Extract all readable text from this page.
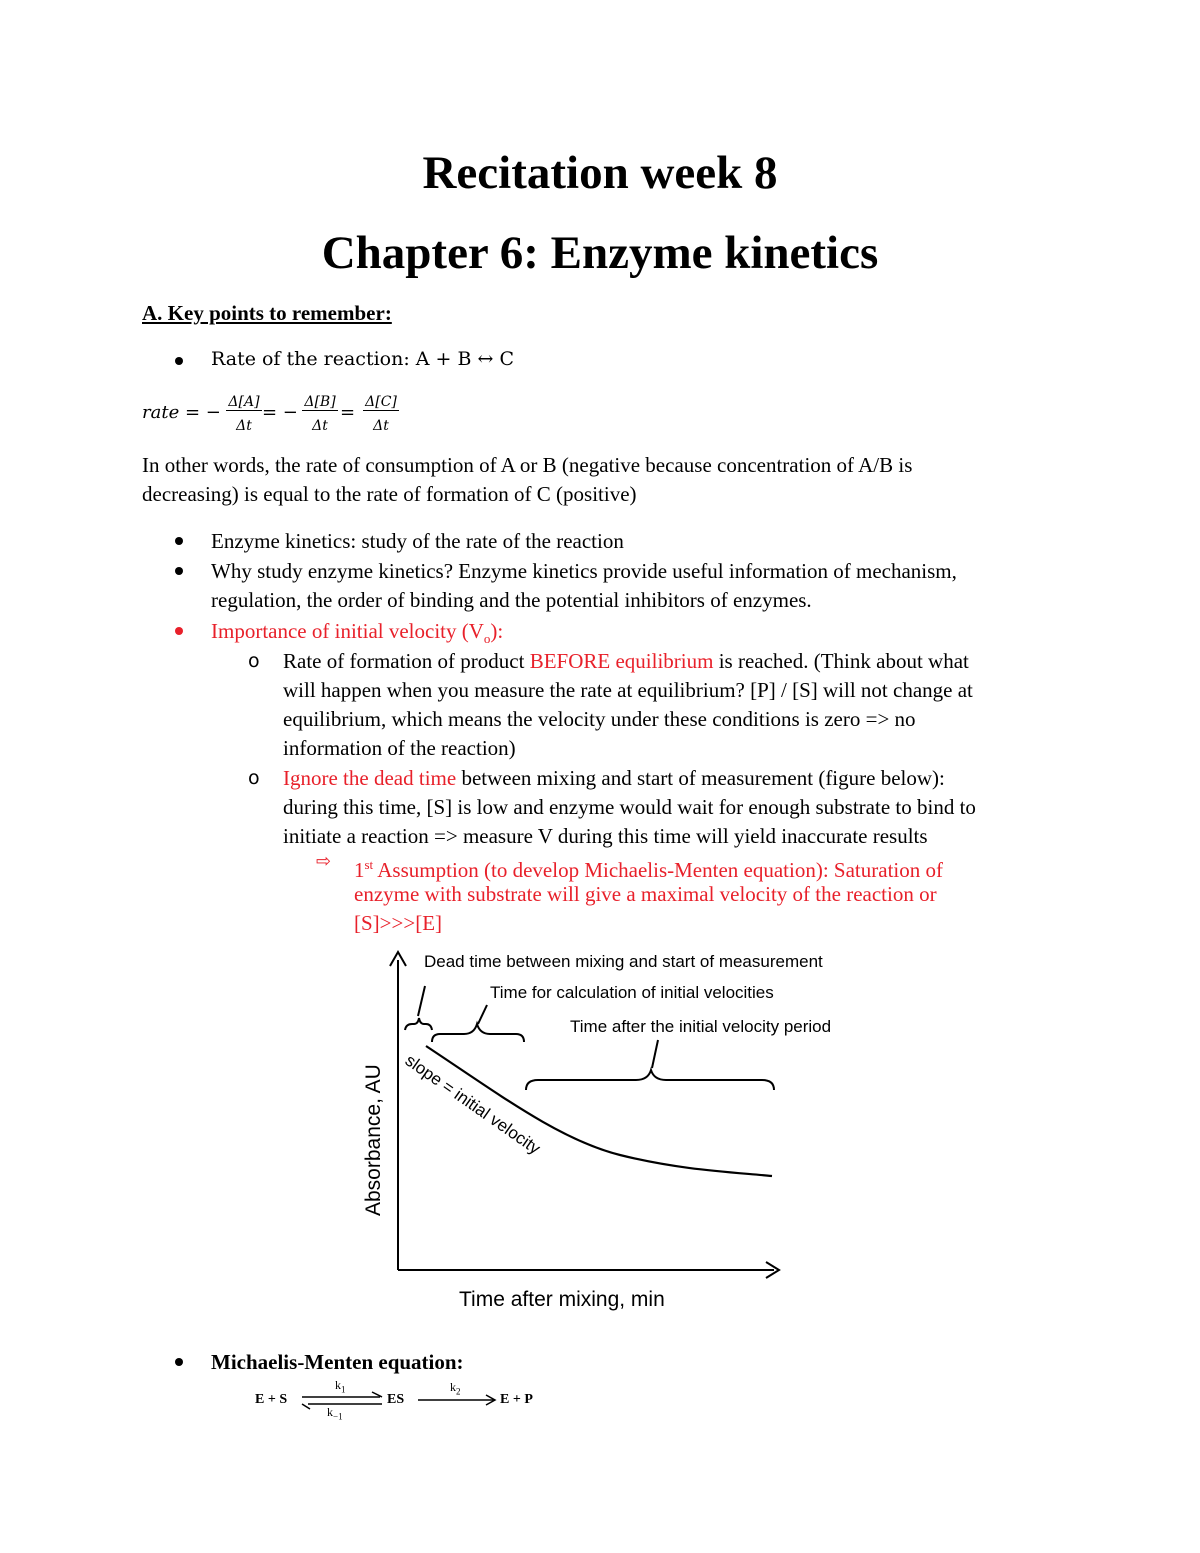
Recitation week 8
Chapter 6: Enzyme kinetics
A. Key points to remember:
Rate of the reaction: A + B ↔ C
rate = − $\frac{\Delta[A]}{\Delta t}$ = − $\frac{\Delta[B]}{\Delta t} = \frac{\Delta[C]}{\Delta t}$
In other words, the rate of consumption of A or B (negative because concentration of A/B is
decreasing) is equal to the rate of formation of C (positive)
Enzyme kinetics: study of the rate of the reaction
Why study enzyme kinetics? Enzyme kinetics provide useful information of mechanism,
regulation, the order of binding and the potential inhibitors of enzymes.
Importance of initial velocity $(V_o)$:
o Rate of formation of product BEFORE equilibrium is reached. (Think about what
will happen when you measure the rate at equilibrium? [P] / [S] will not change at
equilibrium, which means the velocity under these conditions is zero => no
information of the reaction)
o Ignore the dead time between mixing and start of measurement (figure below):
during this time, [S] is low and enzyme would wait for enough substrate to bind to
initiate a reaction => measure V during this time will yield inaccurate results
⇨ 1st Assumption (to develop Michaelis-Menten equation): Saturation of
enzyme with substrate will give a maximal velocity of the reaction or
[S]>>>[E]
Dead time between mixing and start of measurement
Time for calculation of initial velocities
Time after the initial velocity period
slope = initial velocity
Absorbance, AU
Time after mixing, min
Michaelis-Menten equation:
E + S
$k_1$
$k_{-1}$
ES
$k_2$
E + P
